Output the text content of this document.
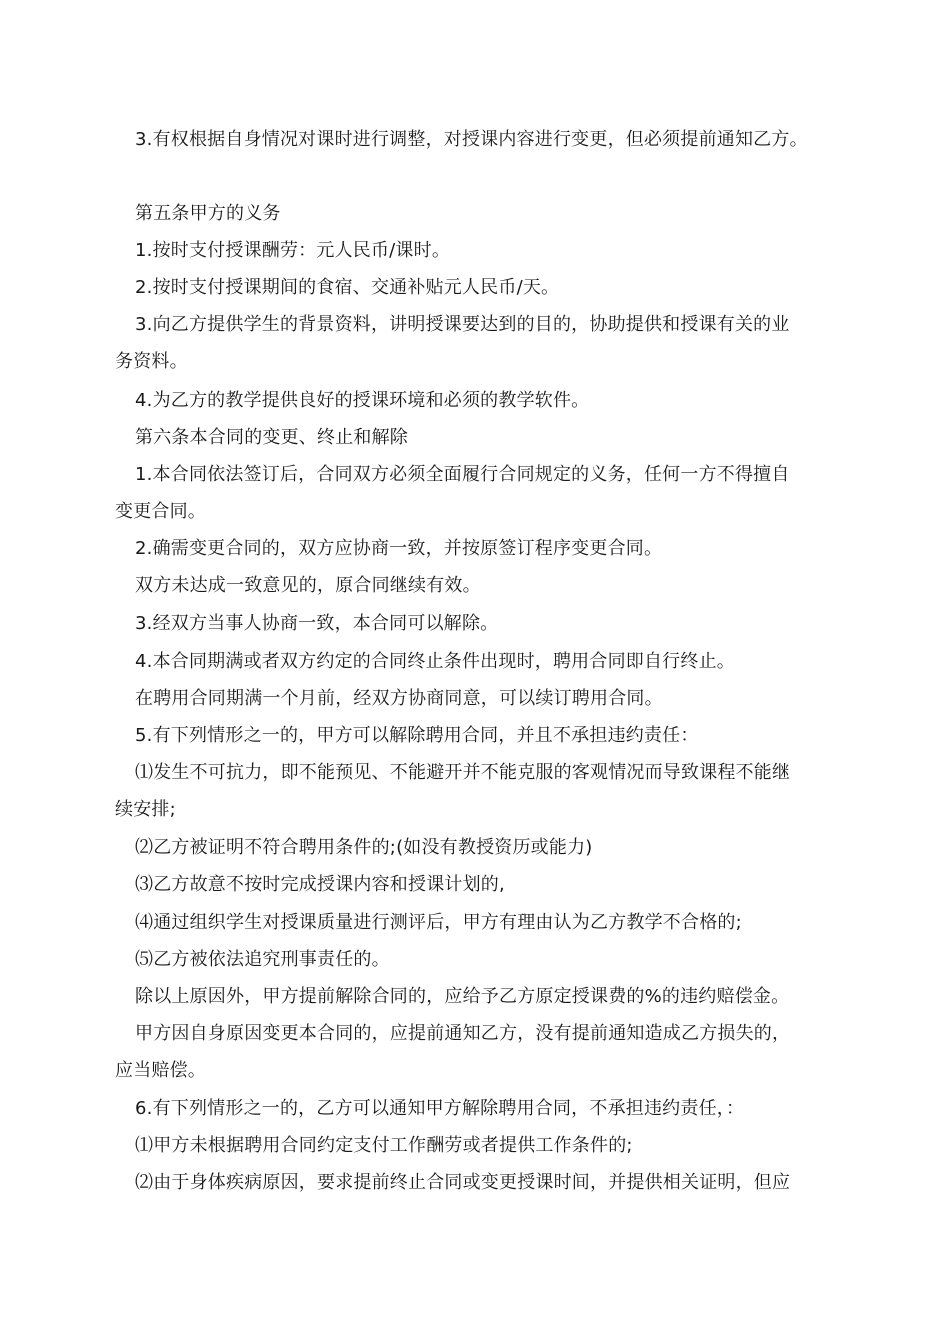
3.有权根据自身情况对课时进行调整，对授课内容进行变更，但必须提前通知乙方。
第五条甲方的义务
1.按时支付授课酬劳：元人民币/课时。
2.按时支付授课期间的食宿、交通补贴元人民币/天。
3.向乙方提供学生的背景资料，讲明授课要达到的目的，协助提供和授课有关的业
务资料。
4.为乙方的教学提供良好的授课环境和必须的教学软件。
第六条本合同的变更、终止和解除
1.本合同依法签订后，合同双方必须全面履行合同规定的义务，任何一方不得擅自
变更合同。
2.确需变更合同的，双方应协商一致，并按原签订程序变更合同。
双方未达成一致意见的，原合同继续有效。
3.经双方当事人协商一致，本合同可以解除。
4.本合同期满或者双方约定的合同终止条件出现时，聘用合同即自行终止。
在聘用合同期满一个月前，经双方协商同意，可以续订聘用合同。
5.有下列情形之一的，甲方可以解除聘用合同，并且不承担违约责任：
⑴发生不可抗力，即不能预见、不能避开并不能克服的客观情况而导致课程不能继
续安排;
⑵乙方被证明不符合聘用条件的;(如没有教授资历或能力)
⑶乙方故意不按时完成授课内容和授课计划的,
⑷通过组织学生对授课质量进行测评后，甲方有理由认为乙方教学不合格的;
⑸乙方被依法追究刑事责任的。
除以上原因外，甲方提前解除合同的，应给予乙方原定授课费的%的违约赔偿金。
甲方因自身原因变更本合同的，应提前通知乙方，没有提前通知造成乙方损失的，
应当赔偿。
6.有下列情形之一的，乙方可以通知甲方解除聘用合同，不承担违约责任，：
⑴甲方未根据聘用合同约定支付工作酬劳或者提供工作条件的;
⑵由于身体疾病原因，要求提前终止合同或变更授课时间，并提供相关证明，但应
